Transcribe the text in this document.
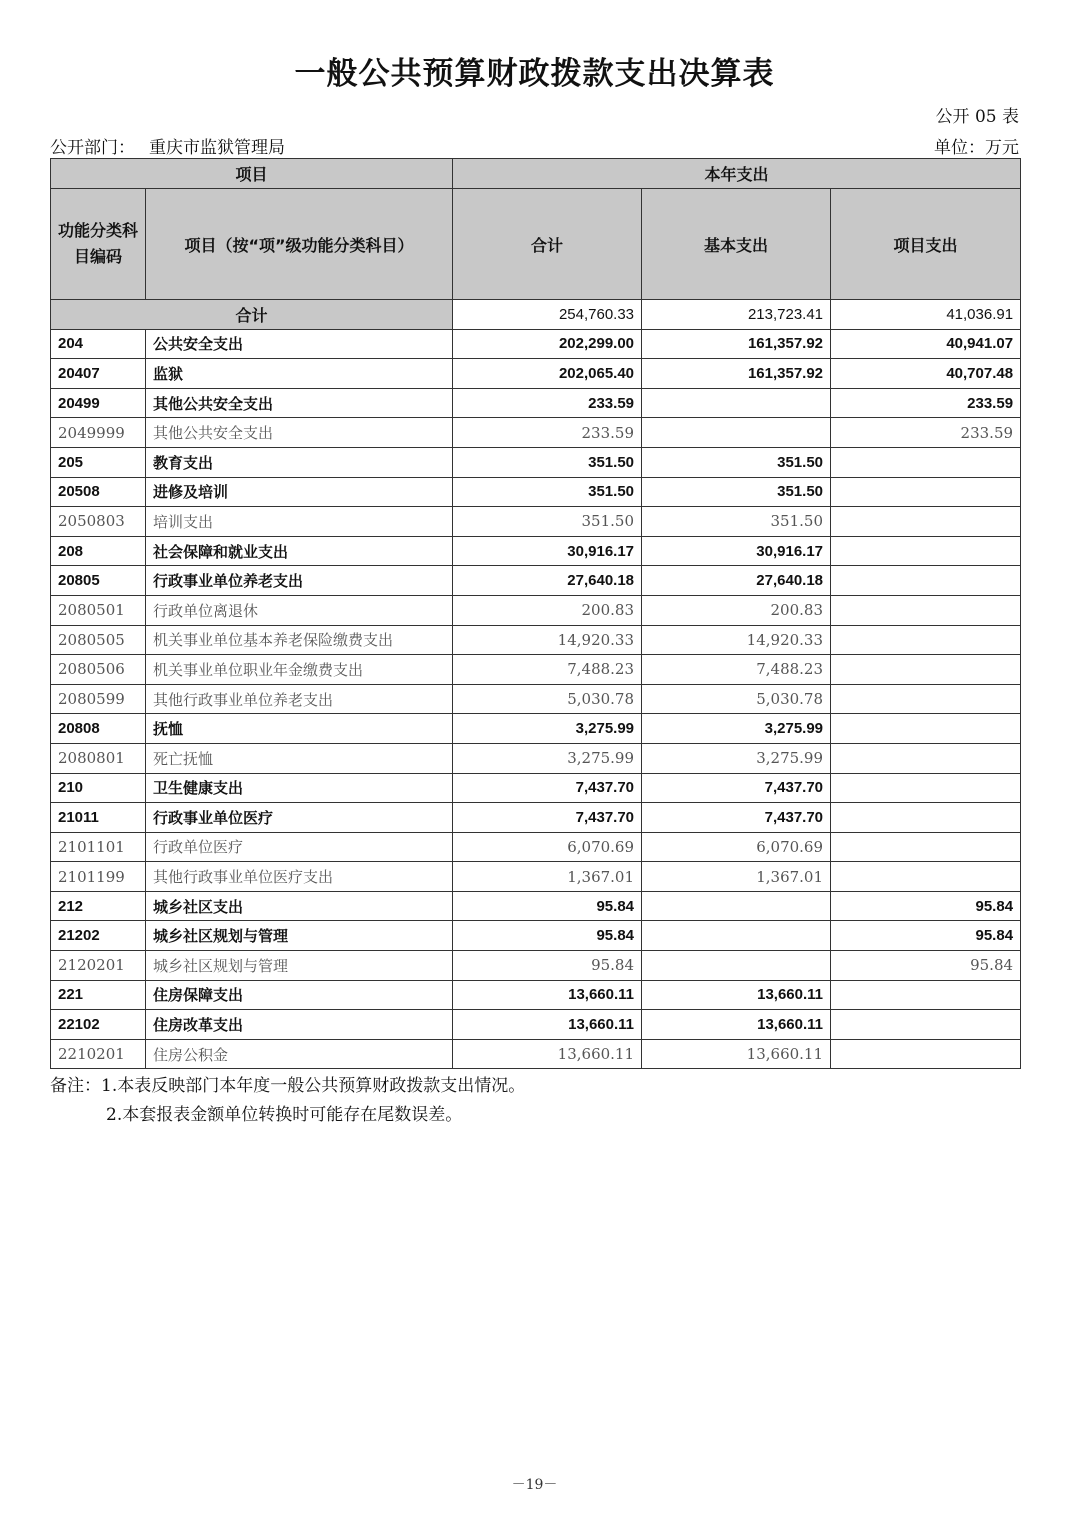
一般公共预算财政拨款支出决算表
公开 05 表
公开部门： 重庆市监狱管理局	单位：万元
项目		本年支出		
功能分类科目编码	项目（按“项”级功能分类科目）	合计	基本支出	项目支出
合计		254,760.33	213,723.41	41,036.91
204	公共安全支出	202,299.00	161,357.92	40,941.07
20407	监狱	202,065.40	161,357.92	40,707.48
20499	其他公共安全支出	233.59		233.59
2049999	其他公共安全支出	233.59		233.59
205	教育支出	351.50	351.50	
20508	进修及培训	351.50	351.50	
2050803	培训支出	351.50	351.50	
208	社会保障和就业支出	30,916.17	30,916.17	
20805	行政事业单位养老支出	27,640.18	27,640.18	
2080501	行政单位离退休	200.83	200.83	
2080505	机关事业单位基本养老保险缴费支出	14,920.33	14,920.33	
2080506	机关事业单位职业年金缴费支出	7,488.23	7,488.23	
2080599	其他行政事业单位养老支出	5,030.78	5,030.78	
20808	抚恤	3,275.99	3,275.99	
2080801	死亡抚恤	3,275.99	3,275.99	
210	卫生健康支出	7,437.70	7,437.70	
21011	行政事业单位医疗	7,437.70	7,437.70	
2101101	行政单位医疗	6,070.69	6,070.69	
2101199	其他行政事业单位医疗支出	1,367.01	1,367.01	
212	城乡社区支出	95.84		95.84
21202	城乡社区规划与管理	95.84		95.84
2120201	城乡社区规划与管理	95.84		95.84
221	住房保障支出	13,660.11	13,660.11	
22102	住房改革支出	13,660.11	13,660.11	
2210201	住房公积金	13,660.11	13,660.11	
备注：1.本表反映部门本年度一般公共预算财政拨款支出情况。
2.本套报表金额单位转换时可能存在尾数误差。
－19－
